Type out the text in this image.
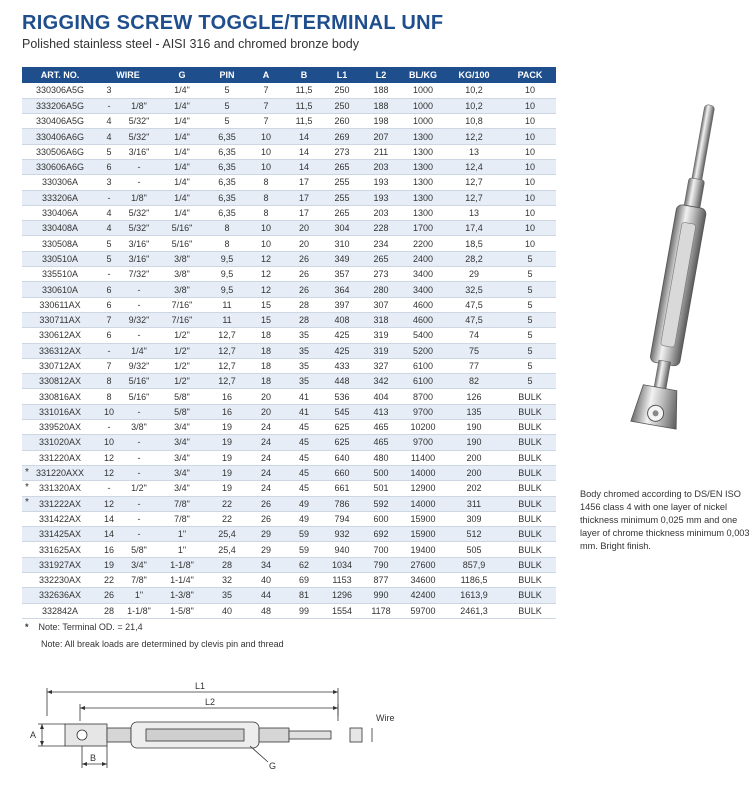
RIGGING SCREW TOGGLE/TERMINAL UNF
Polished stainless steel - AISI 316 and chromed bronze body
ART. NO.	WIRE		G	PIN	A	B	L1	L2	BL/KG	KG/100	PACK
330306A5G	3		1/4"	5	7	11,5	250	188	1000	10,2	10
333206A5G	-	1/8"	1/4"	5	7	11,5	250	188	1000	10,2	10
330406A5G	4	5/32"	1/4"	5	7	11,5	260	198	1000	10,8	10
330406A6G	4	5/32"	1/4"	6,35	10	14	269	207	1300	12,2	10
330506A6G	5	3/16"	1/4"	6,35	10	14	273	211	1300	13	10
330606A6G	6	-	1/4"	6,35	10	14	265	203	1300	12,4	10
330306A	3	-	1/4"	6,35	8	17	255	193	1300	12,7	10
333206A	-	1/8"	1/4"	6,35	8	17	255	193	1300	12,7	10
330406A	4	5/32"	1/4"	6,35	8	17	265	203	1300	13	10
330408A	4	5/32"	5/16"	8	10	20	304	228	1700	17,4	10
330508A	5	3/16"	5/16"	8	10	20	310	234	2200	18,5	10
330510A	5	3/16"	3/8"	9,5	12	26	349	265	2400	28,2	5
335510A	-	7/32"	3/8"	9,5	12	26	357	273	3400	29	5
330610A	6	-	3/8"	9,5	12	26	364	280	3400	32,5	5
330611AX	6	-	7/16"	11	15	28	397	307	4600	47,5	5
330711AX	7	9/32"	7/16"	11	15	28	408	318	4600	47,5	5
330612AX	6	-	1/2"	12,7	18	35	425	319	5400	74	5
336312AX	-	1/4"	1/2"	12,7	18	35	425	319	5200	75	5
330712AX	7	9/32"	1/2"	12,7	18	35	433	327	6100	77	5
330812AX	8	5/16"	1/2"	12,7	18	35	448	342	6100	82	5
330816AX	8	5/16"	5/8"	16	20	41	536	404	8700	126	BULK
331016AX	10	-	5/8"	16	20	41	545	413	9700	135	BULK
339520AX	-	3/8"	3/4"	19	24	45	625	465	10200	190	BULK
331020AX	10	-	3/4"	19	24	45	625	465	9700	190	BULK
331220AX	12	-	3/4"	19	24	45	640	480	11400	200	BULK
331220AXX	12	-	3/4"	19	24	45	660	500	14000	200	BULK
331320AX	-	1/2"	3/4"	19	24	45	661	501	12900	202	BULK
331222AX	12	-	7/8"	22	26	49	786	592	14000	311	BULK
331422AX	14	-	7/8"	22	26	49	794	600	15900	309	BULK
331425AX	14	-	1"	25,4	29	59	932	692	15900	512	BULK
331625AX	16	5/8"	1"	25,4	29	59	940	700	19400	505	BULK
331927AX	19	3/4"	1-1/8"	28	34	62	1034	790	27600	857,9	BULK
332230AX	22	7/8"	1-1/4"	32	40	69	1153	877	34600	1186,5	BULK
332636AX	26	1"	1-3/8"	35	44	81	1296	990	42400	1613,9	BULK
332842A	28	1-1/8"	1-5/8"	40	48	99	1554	1178	59700	2461,3	BULK
*
*
*
* Note: Terminal OD. = 21,4
Note: All break loads are determined by clevis pin and thread
Body chromed according to DS/EN ISO 1456 class 4 with one layer of nickel thickness minimum 0,025 mm and one layer of chrome thickness minimum 0,003 mm. Bright finish.
L1
L2
A
B
G
Wire
